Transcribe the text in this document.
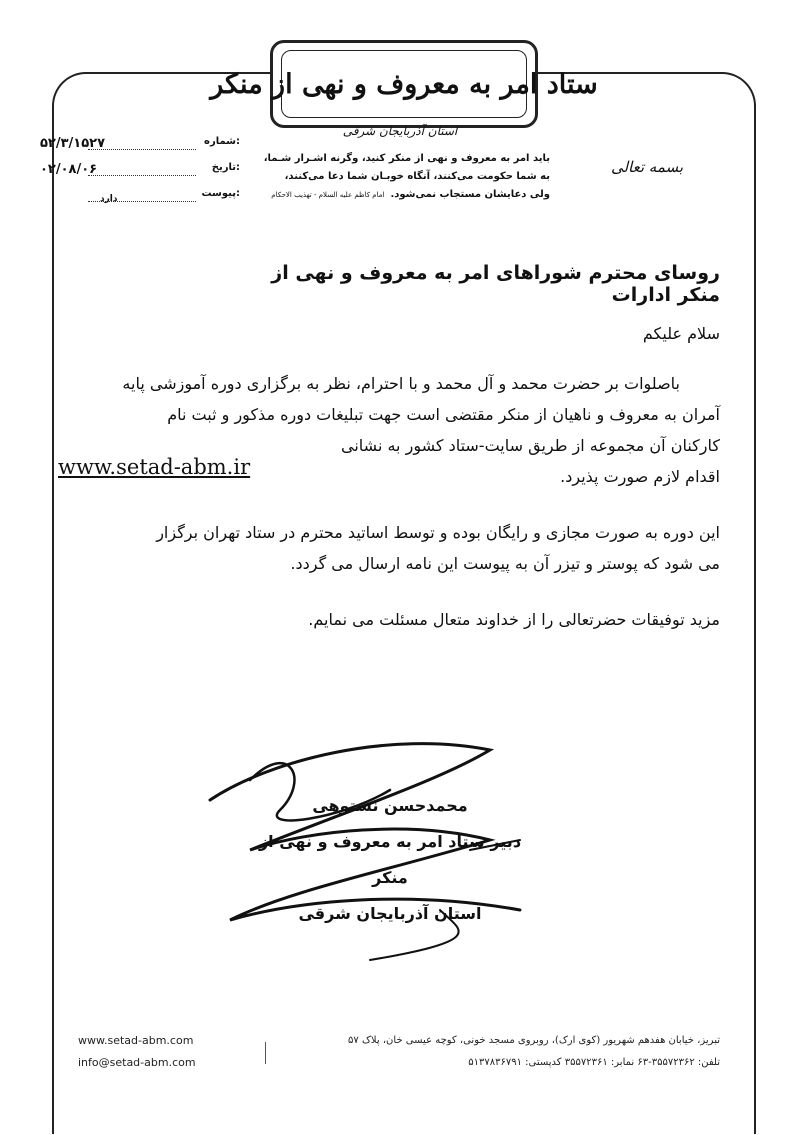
ستاد امر به معروف و نهی از منکر
استان آذربایجان شرقی
بسمه تعالی
باید امر به معروف و نهی از منکر کنید، وگرنه اشـرار شـما،
به شما حکومت می‌کنند، آنگاه خوبـان شما دعا می‌کنند،
ولی دعایشان مستجاب نمی‌شود.امام کاظم علیه السلام - تهذیب الاحکام
شماره:
۵۲/۳/۱۵۲۷
تاریخ:
۰۲/۰۸/۰۶
پیوست:
دارد
روسای محترم شوراهای امر به معروف و نهی از منکر ادارات
سلام علیکم
باصلوات بر حضرت محمد و آل محمد و با احترام، نظر به برگزاری دوره آموزشی پایه
آمران به معروف و ناهیان از منکر مقتضی است جهت تبلیغات دوره مذکور و ثبت نام
کارکنان آن مجموعه از طریق سایت-ستاد کشور به نشانی
اقدام لازم صورت پذیرد.
این دوره به صورت مجازی و رایگان بوده و توسط اساتید محترم در ستاد تهران برگزار
می شود که پوستر و تیزر آن به پیوست این نامه ارسال می گردد.
مزید توفیقات حضرتعالی را از خداوند متعال مسئلت می نمایم.
www.setad-abm.ir
محمدحسن نستوهی
دبیر ستاد امر به معروف و نهی از منکر
استان آذربایجان شرقی
www.setad-abm.com
info@setad-abm.com
تبریز، خیابان هفدهم شهریور (کوی ارک)، روبروی مسجد خونی، کوچه عیسی خان، پلاک ۵۷
تلفن: ۳۵۵۷۲۳۶۲-۶۳ نمابر: ۳۵۵۷۲۳۶۱ کدپستی: ۵۱۳۷۸۳۶۷۹۱
